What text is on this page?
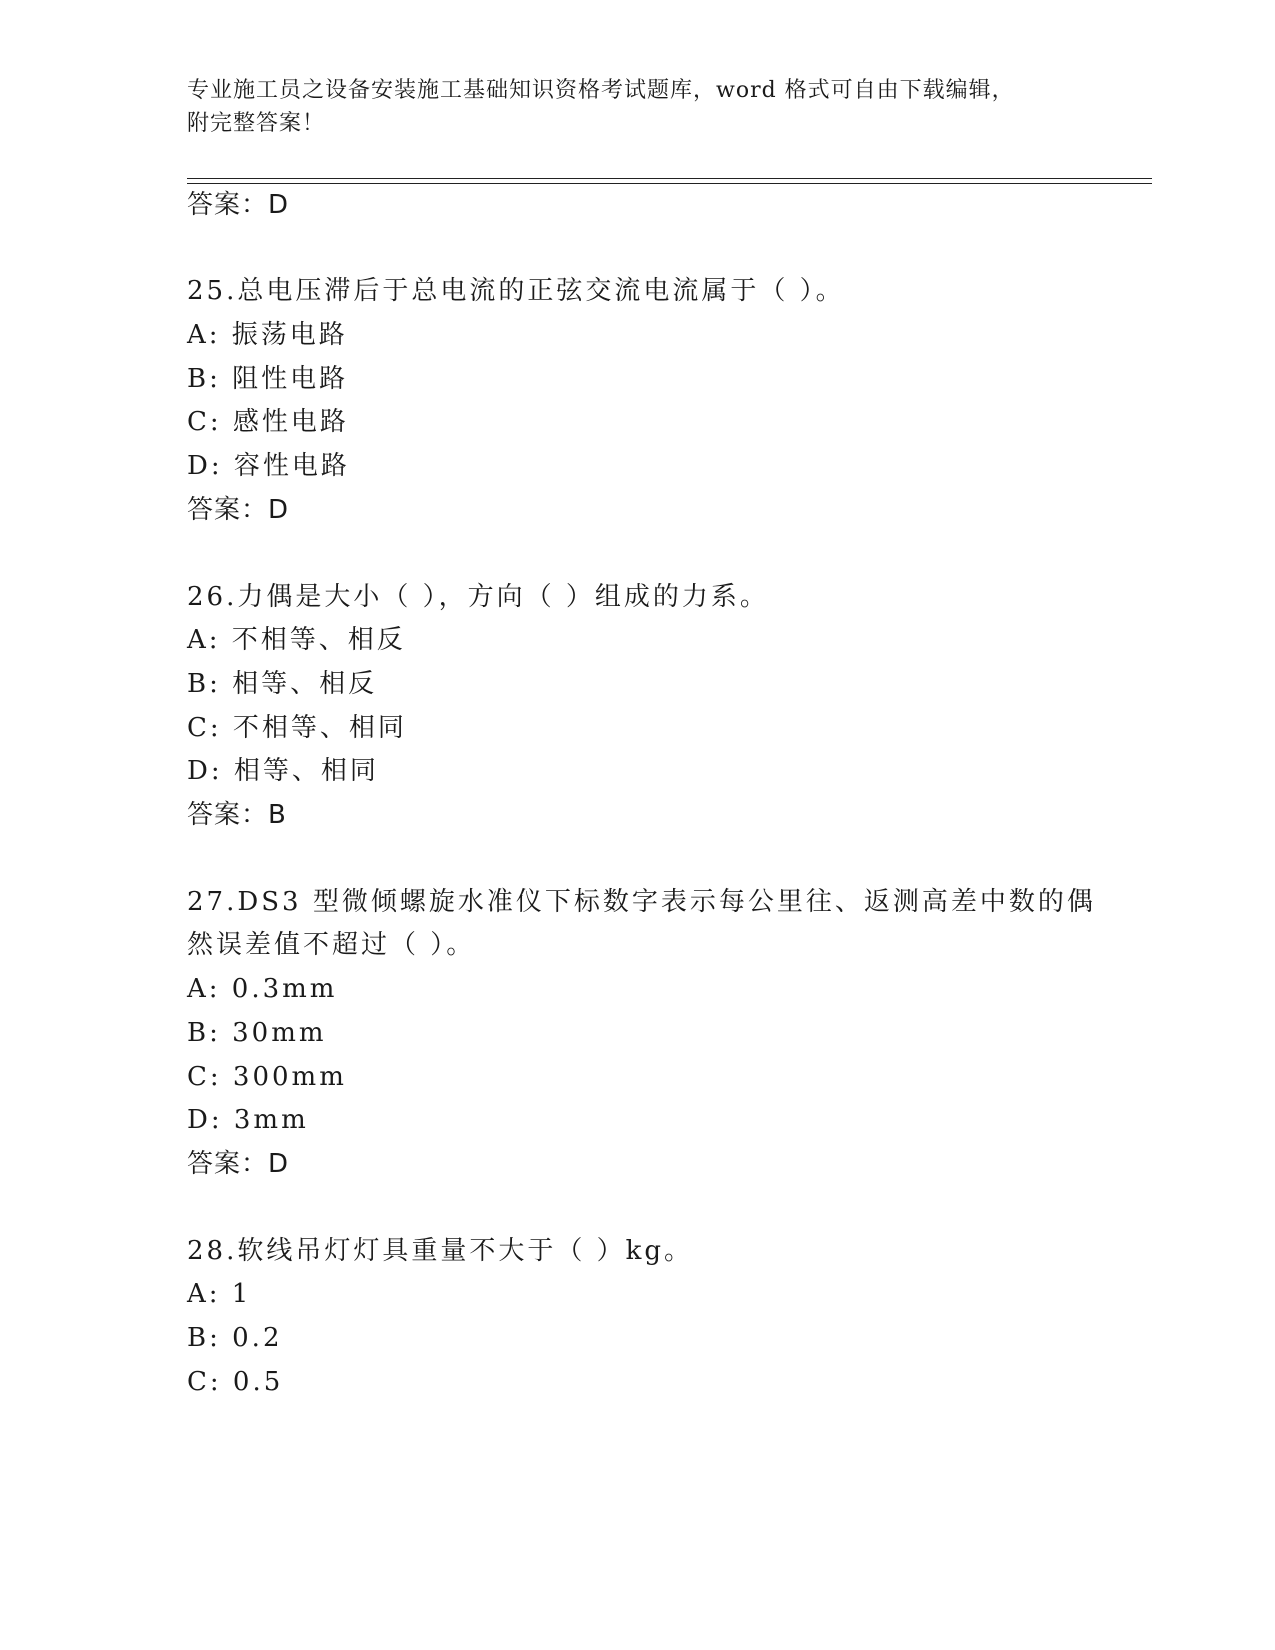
专业施工员之设备安装施工基础知识资格考试题库，word 格式可自由下载编辑，
附完整答案！
答案：D
25.总电压滞后于总电流的正弦交流电流属于（ ）。
A: 振荡电路
B: 阻性电路
C: 感性电路
D: 容性电路
答案：D
26.力偶是大小（ ），方向（ ）组成的力系。
A: 不相等、相反
B: 相等、相反
C: 不相等、相同
D: 相等、相同
答案：B
27.DS3 型微倾螺旋水准仪下标数字表示每公里往、返测高差中数的偶
然误差值不超过（ ）。
A: 0.3mm
B: 30mm
C: 300mm
D: 3mm
答案：D
28.软线吊灯灯具重量不大于（ ）kg。
A: 1
B: 0.2
C: 0.5
